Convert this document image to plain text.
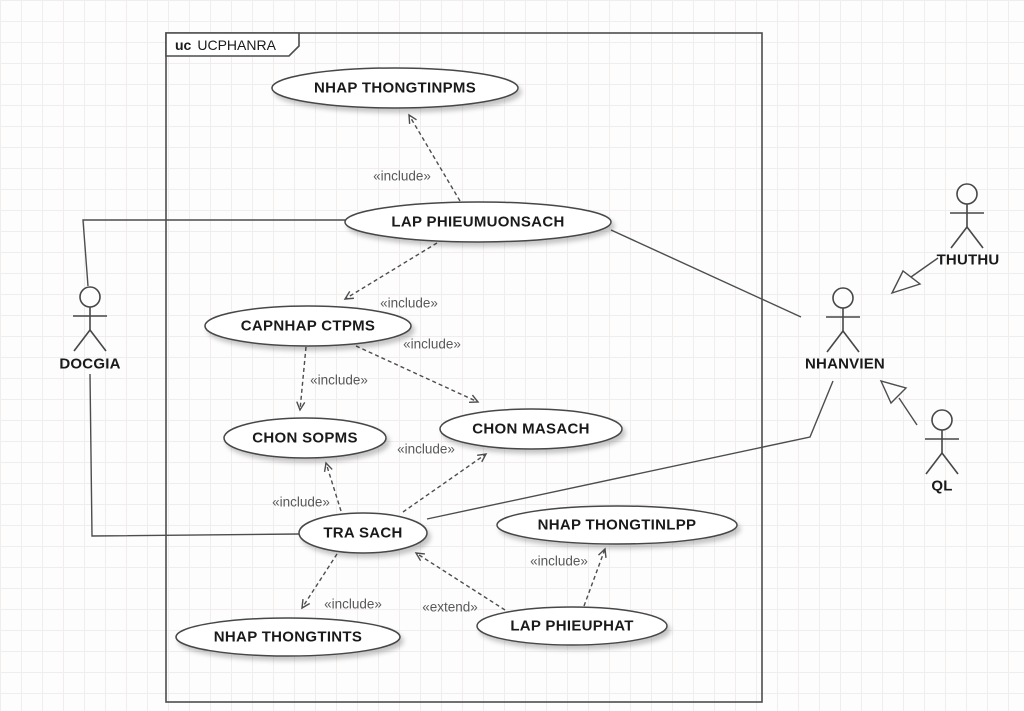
uc UCPHANRA
NHAP THONGTINPMS
LAP PHIEUMUONSACH
CAPNHAP CTPMS
CHON SOPMS
CHON MASACH
TRA SACH	NHAP THONGTINLPP
LAP PHIEUPHAT
NHAP THONGTINTS
DOCGIA	NHANVIEN
THUTHU
QL
«include»
«include»
«include»
«include»
«include»
«include»
«include»	«extend»
«include»
